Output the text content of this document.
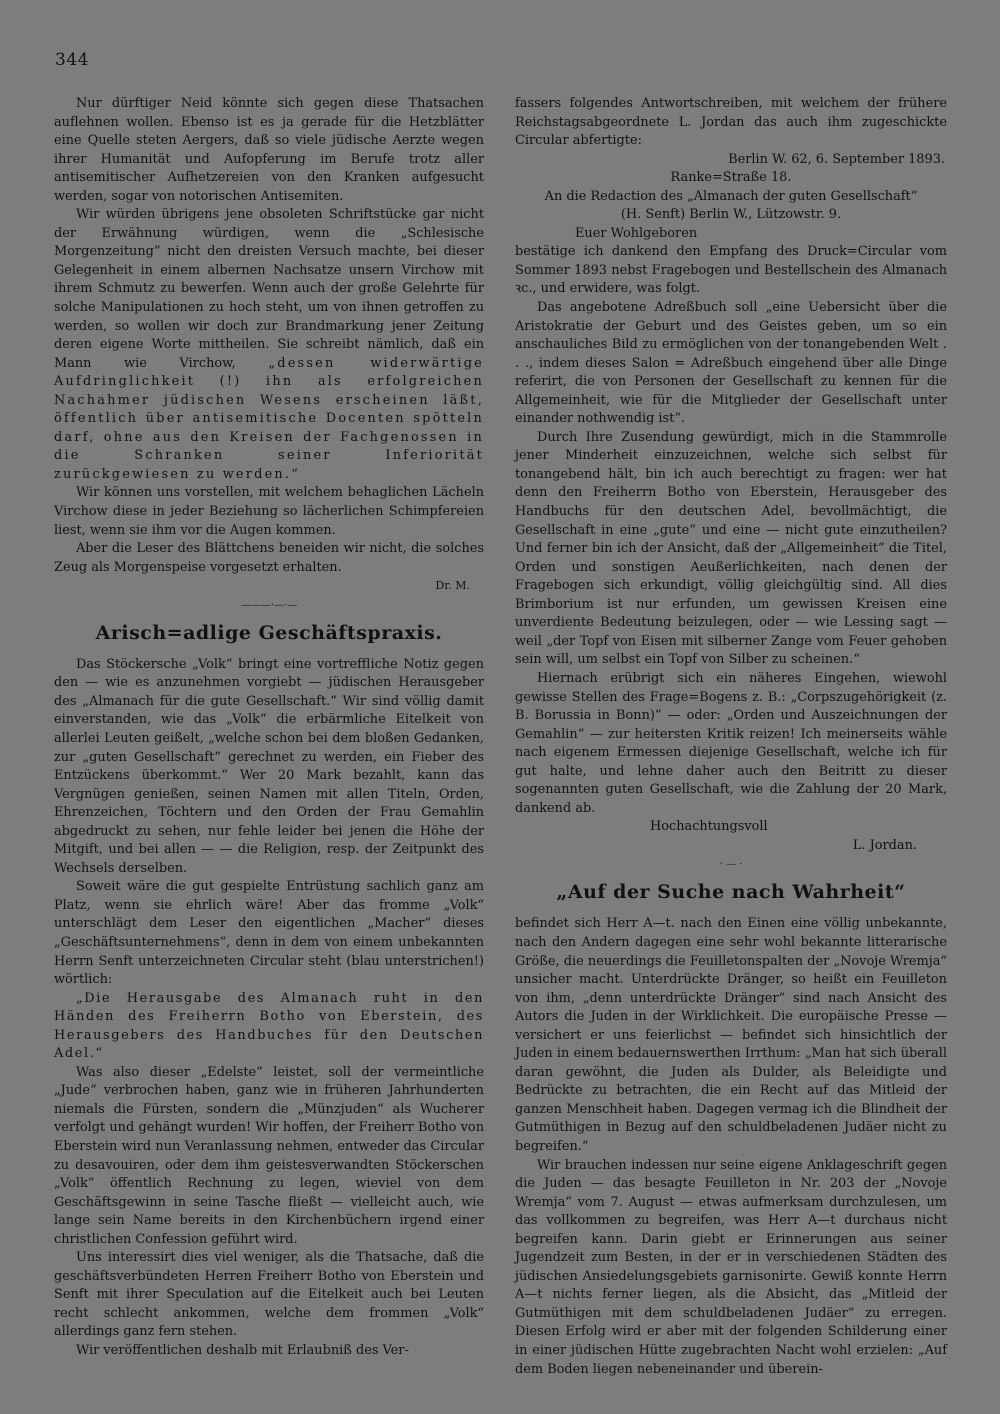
344

Nur dürftiger Neid könnte sich gegen diese Thatsachen auflehnen wollen. Ebenso ist es ja gerade für die Hetzblätter eine Quelle steten Aergers, daß so viele jüdische Aerzte wegen ihrer Humanität und Aufopferung im Berufe trotz aller antisemitischer Aufhetzereien von den Kranken aufgesucht werden, sogar von notorischen Antisemiten.

Wir würden übrigens jene obsoleten Schriftstücke gar nicht der Erwähnung würdigen, wenn die „Schlesische Morgenzeitung“ nicht den dreisten Versuch machte, bei dieser Gelegenheit in einem albernen Nachsatze unsern Virchow mit ihrem Schmutz zu bewerfen. Wenn auch der große Gelehrte für solche Manipulationen zu hoch steht, um von ihnen getroffen zu werden, so wollen wir doch zur Brandmarkung jener Zeitung deren eigene Worte mittheilen. Sie schreibt nämlich, daß ein Mann wie Virchow,	„dessen widerwärtige Aufdringlichkeit (!) ihn als erfolgreichen Nachahmer jüdischen Wesens erscheinen läßt, öffentlich über antisemitische Docenten spötteln darf, ohne aus den Kreisen der Fachgenossen in die Schranken seiner Inferiorität zurückgewiesen zu werden.“

Wir können uns vorstellen, mit welchem behaglichen Lächeln Virchow diese in jeder Beziehung so lächerlichen Schimpfereien liest, wenn sie ihm vor die Augen kommen.

Aber die Leser des Blättchens beneiden wir nicht, die solches Zeug als Morgenspeise vorgesetzt erhalten.

Dr. M.

———·—·—
Arisch=adlige Geschäftspraxis.

Das Stöckersche „Volk“ bringt eine vortreffliche Notiz gegen den — wie es anzunehmen vorgiebt — jüdischen Herausgeber des „Almanach für die gute Gesellschaft.“ Wir sind völlig damit einverstanden, wie das „Volk“ die erbärmliche Eitelkeit von allerlei Leuten geißelt, „welche schon bei dem bloßen Gedanken, zur „guten Gesellschaft“ gerechnet zu werden, ein Fieber des Entzückens überkommt.“ Wer 20 Mark bezahlt, kann das Vergnügen genießen, seinen Namen mit allen Titeln, Orden, Ehrenzeichen, Töchtern und den Orden der Frau Gemahlin abgedruckt zu sehen, nur fehle leider bei jenen die Höhe der Mitgift, und bei allen — — die Religion, resp. der Zeitpunkt des Wechsels derselben.

Soweit wäre die gut gespielte Entrüstung sachlich ganz am Platz, wenn sie ehrlich wäre! Aber das fromme „Volk“ unterschlägt dem Leser den eigentlichen „Macher“ dieses „Geschäftsunternehmens“, denn in dem von einem unbekannten Herrn Senft unterzeichneten Circular steht (blau unterstrichen!) wörtlich:

„Die Herausgabe des Almanach ruht in den Händen des Freiherrn Botho von Eberstein, des Herausgebers des Handbuches für den Deutschen Adel.“

Was also dieser „Edelste“ leistet, soll der vermeintliche „Jude“ verbrochen haben, ganz wie in früheren Jahrhunderten niemals die Fürsten, sondern die „Münzjuden“ als Wucherer verfolgt und gehängt wurden! Wir hoffen, der Freiherr Botho von Eberstein wird nun Veranlassung nehmen, entweder das Circular zu desavouiren, oder dem ihm geistesverwandten Stöckerschen „Volk“ öffentlich Rechnung zu legen, wieviel von dem Geschäftsgewinn in seine Tasche fließt — vielleicht auch, wie lange sein Name bereits in den Kirchenbüchern irgend einer christlichen Confession geführt wird.

Uns interessirt dies viel weniger, als die Thatsache, daß die geschäftsverbündeten Herren Freiherr Botho von Eberstein und Senft mit ihrer Speculation auf die Eitelkeit auch bei Leuten recht schlecht ankommen, welche dem frommen „Volk“ allerdings ganz fern stehen.

Wir veröffentlichen deshalb mit Erlaubniß des Ver-

fassers folgendes Antwortschreiben, mit welchem der frühere Reichstagsabgeordnete L. Jordan das auch ihm zugeschickte Circular abfertigte:

Berlin W. 62, 6. September 1893.

Ranke=Straße 18.

An die Redaction des „Almanach der guten Gesellschaft“

(H. Senft) Berlin W., Lützowstr. 9.

Euer Wohlgeboren

bestätige ich dankend den Empfang des Druck=Circular vom Sommer 1893 nebst Fragebogen und Bestellschein des Almanach ꝛc., und erwidere, was folgt.

Das angebotene Adreßbuch soll „eine Uebersicht über die Aristokratie der Geburt und des Geistes geben, um so ein anschauliches Bild zu ermöglichen von der tonangebenden Welt . . ., indem dieses Salon = Adreßbuch eingehend über alle Dinge referirt, die von Personen der Gesellschaft zu kennen für die Allgemeinheit, wie für die Mitglieder der Gesellschaft unter einander nothwendig ist“.

Durch Ihre Zusendung gewürdigt, mich in die Stammrolle jener Minderheit einzuzeichnen, welche sich selbst für tonangebend hält, bin ich auch berechtigt zu fragen: wer hat denn den Freiherrn Botho von Eberstein, Herausgeber des Handbuchs für den deutschen Adel, bevollmächtigt, die Gesellschaft in eine „gute“ und eine — nicht gute einzutheilen? Und ferner bin ich der Ansicht, daß der „Allgemeinheit“ die Titel, Orden und sonstigen Aeußerlichkeiten, nach denen der Fragebogen sich erkundigt, völlig gleichgültig sind. All dies Brimborium ist nur erfunden, um gewissen Kreisen eine unverdiente Bedeutung beizulegen, oder — wie Lessing sagt — weil „der Topf von Eisen mit silberner Zange vom Feuer gehoben sein will, um selbst ein Topf von Silber zu scheinen.“

Hiernach erübrigt sich ein näheres Eingehen, wiewohl gewisse Stellen des Frage=Bogens z. B.: „Corpszugehörigkeit (z. B. Borussia in Bonn)“ — oder: „Orden und Auszeichnungen der Gemahlin“ — zur heitersten Kritik reizen! Ich meinerseits wähle nach eigenem Ermessen diejenige Gesellschaft, welche ich für gut halte, und lehne daher auch den Beitritt zu dieser sogenannten guten Gesellschaft, wie die Zahlung der 20 Mark, dankend ab.

Hochachtungsvoll

L. Jordan.

· — ·
„Auf der Suche nach Wahrheit“

befindet sich Herr A—t. nach den Einen eine völlig unbekannte, nach den Andern dagegen eine sehr wohl bekannte litterarische Größe, die neuerdings die Feuilletonspalten der „Novoje Wremja“ unsicher macht. Unterdrückte Dränger, so heißt ein Feuilleton von ihm, „denn unterdrückte Dränger“ sind nach Ansicht des Autors die Juden in der Wirklichkeit. Die europäische Presse — versichert er uns feierlichst — befindet sich hinsichtlich der Juden in einem bedauernswerthen Irrthum: „Man hat sich überall daran gewöhnt, die Juden als Dulder, als Beleidigte und Bedrückte zu betrachten, die ein Recht auf das Mitleid der ganzen Menschheit haben. Dagegen vermag ich die Blindheit der Gutmüthigen in Bezug auf den schuldbeladenen Judäer nicht zu begreifen.“

Wir brauchen indessen nur seine eigene Anklageschrift gegen die Juden — das besagte Feuilleton in Nr. 203 der „Novoje Wremja“ vom 7. August — etwas aufmerksam durchzulesen, um das vollkommen zu begreifen, was Herr A—t durchaus nicht begreifen kann. Darin giebt er Erinnerungen aus seiner Jugendzeit zum Besten, in der er in verschiedenen Städten des jüdischen Ansiedelungsgebiets garnisonirte. Gewiß konnte Herrn A—t nichts ferner liegen, als die Absicht, das „Mitleid der Gutmüthigen mit dem schuldbeladenen Judäer“ zu erregen. Diesen Erfolg wird er aber mit der folgenden Schilderung einer in einer jüdischen Hütte zugebrachten Nacht wohl erzielen: „Auf dem Boden liegen nebeneinander und überein-
